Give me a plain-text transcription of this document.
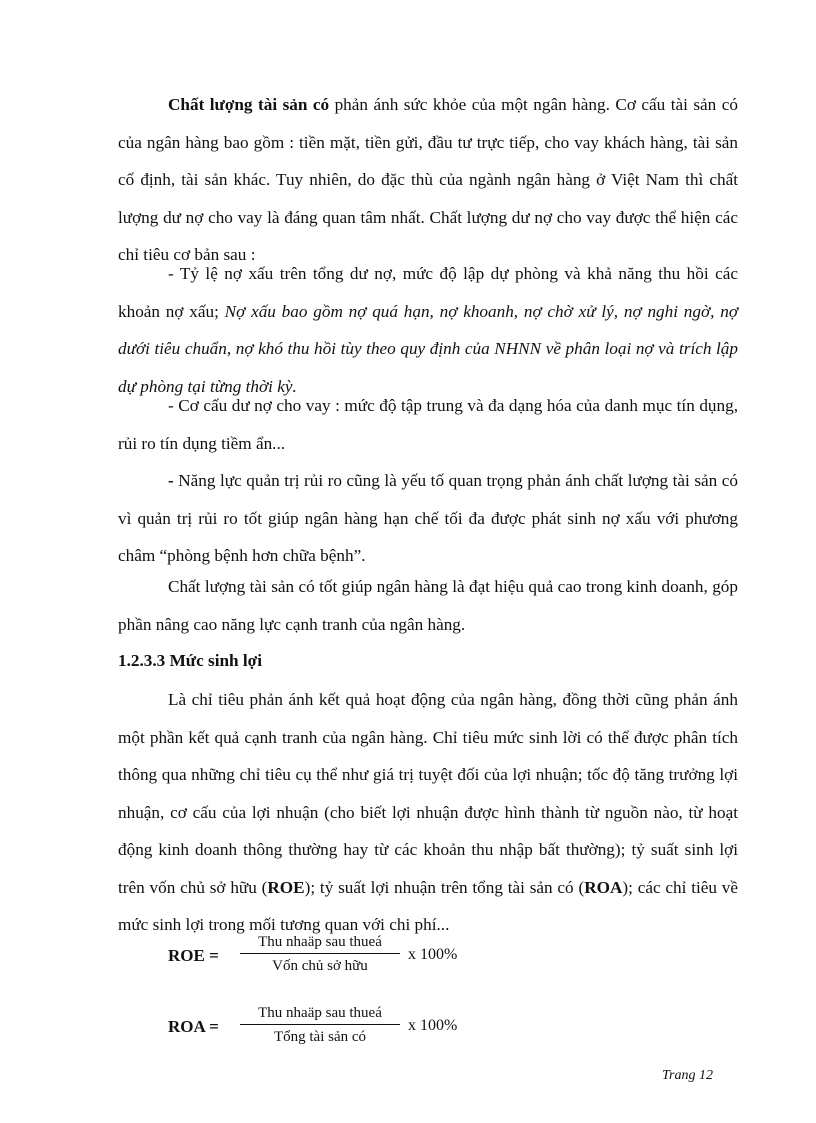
Chất lượng tài sản có phản ánh sức khỏe của một ngân hàng. Cơ cấu tài sản có của ngân hàng bao gồm : tiền mặt, tiền gửi, đầu tư trực tiếp, cho vay khách hàng, tài sản cố định, tài sản khác. Tuy nhiên, do đặc thù của ngành ngân hàng ở Việt Nam thì chất lượng dư nợ cho vay là đáng quan tâm nhất. Chất lượng dư nợ cho vay được thể hiện các chỉ tiêu cơ bản sau :

- Tỷ lệ nợ xấu trên tổng dư nợ, mức độ lập dự phòng và khả năng thu hồi các khoản nợ xấu; Nợ xấu bao gồm nợ quá hạn, nợ khoanh, nợ chờ xử lý, nợ nghi ngờ, nợ dưới tiêu chuẩn, nợ khó thu hồi tùy theo quy định của NHNN về phân loại nợ và trích lập dự phòng tại từng thời kỳ.

- Cơ cấu dư nợ cho vay : mức độ tập trung và đa dạng hóa của danh mục tín dụng, rủi ro tín dụng tiềm ẩn...

- Năng lực quản trị rủi ro cũng là yếu tố quan trọng phản ánh chất lượng tài sản có vì quản trị rủi ro tốt giúp ngân hàng hạn chế tối đa được phát sinh nợ xấu với phương châm “phòng bệnh hơn chữa bệnh”.

Chất lượng tài sản có tốt giúp ngân hàng là đạt hiệu quả cao trong kinh doanh, góp phần nâng cao năng lực cạnh tranh của ngân hàng.

1.2.3.3 Mức sinh lợi

Là chỉ tiêu phản ánh kết quả hoạt động của ngân hàng, đồng thời cũng phản ánh một phần kết quả cạnh tranh của ngân hàng. Chỉ tiêu mức sinh lời có thể được phân tích thông qua những chỉ tiêu cụ thể như giá trị tuyệt đối của lợi nhuận; tốc độ tăng trưởng lợi nhuận, cơ cấu của lợi nhuận (cho biết lợi nhuận được hình thành từ nguồn nào, từ hoạt động kinh doanh thông thường hay từ các khoản thu nhập bất thường); tỷ suất sinh lợi trên vốn chủ sở hữu (ROE); tỷ suất lợi nhuận trên tổng tài sản có (ROA); các chỉ tiêu về mức sinh lợi trong mối tương quan với chi phí...

ROE =
Thu nhaäp sau thueá
Vốn chủ sở hữu
x 100%
ROA =
Thu nhaäp sau thueá
Tổng tài sản có
x 100%
Trang 12
